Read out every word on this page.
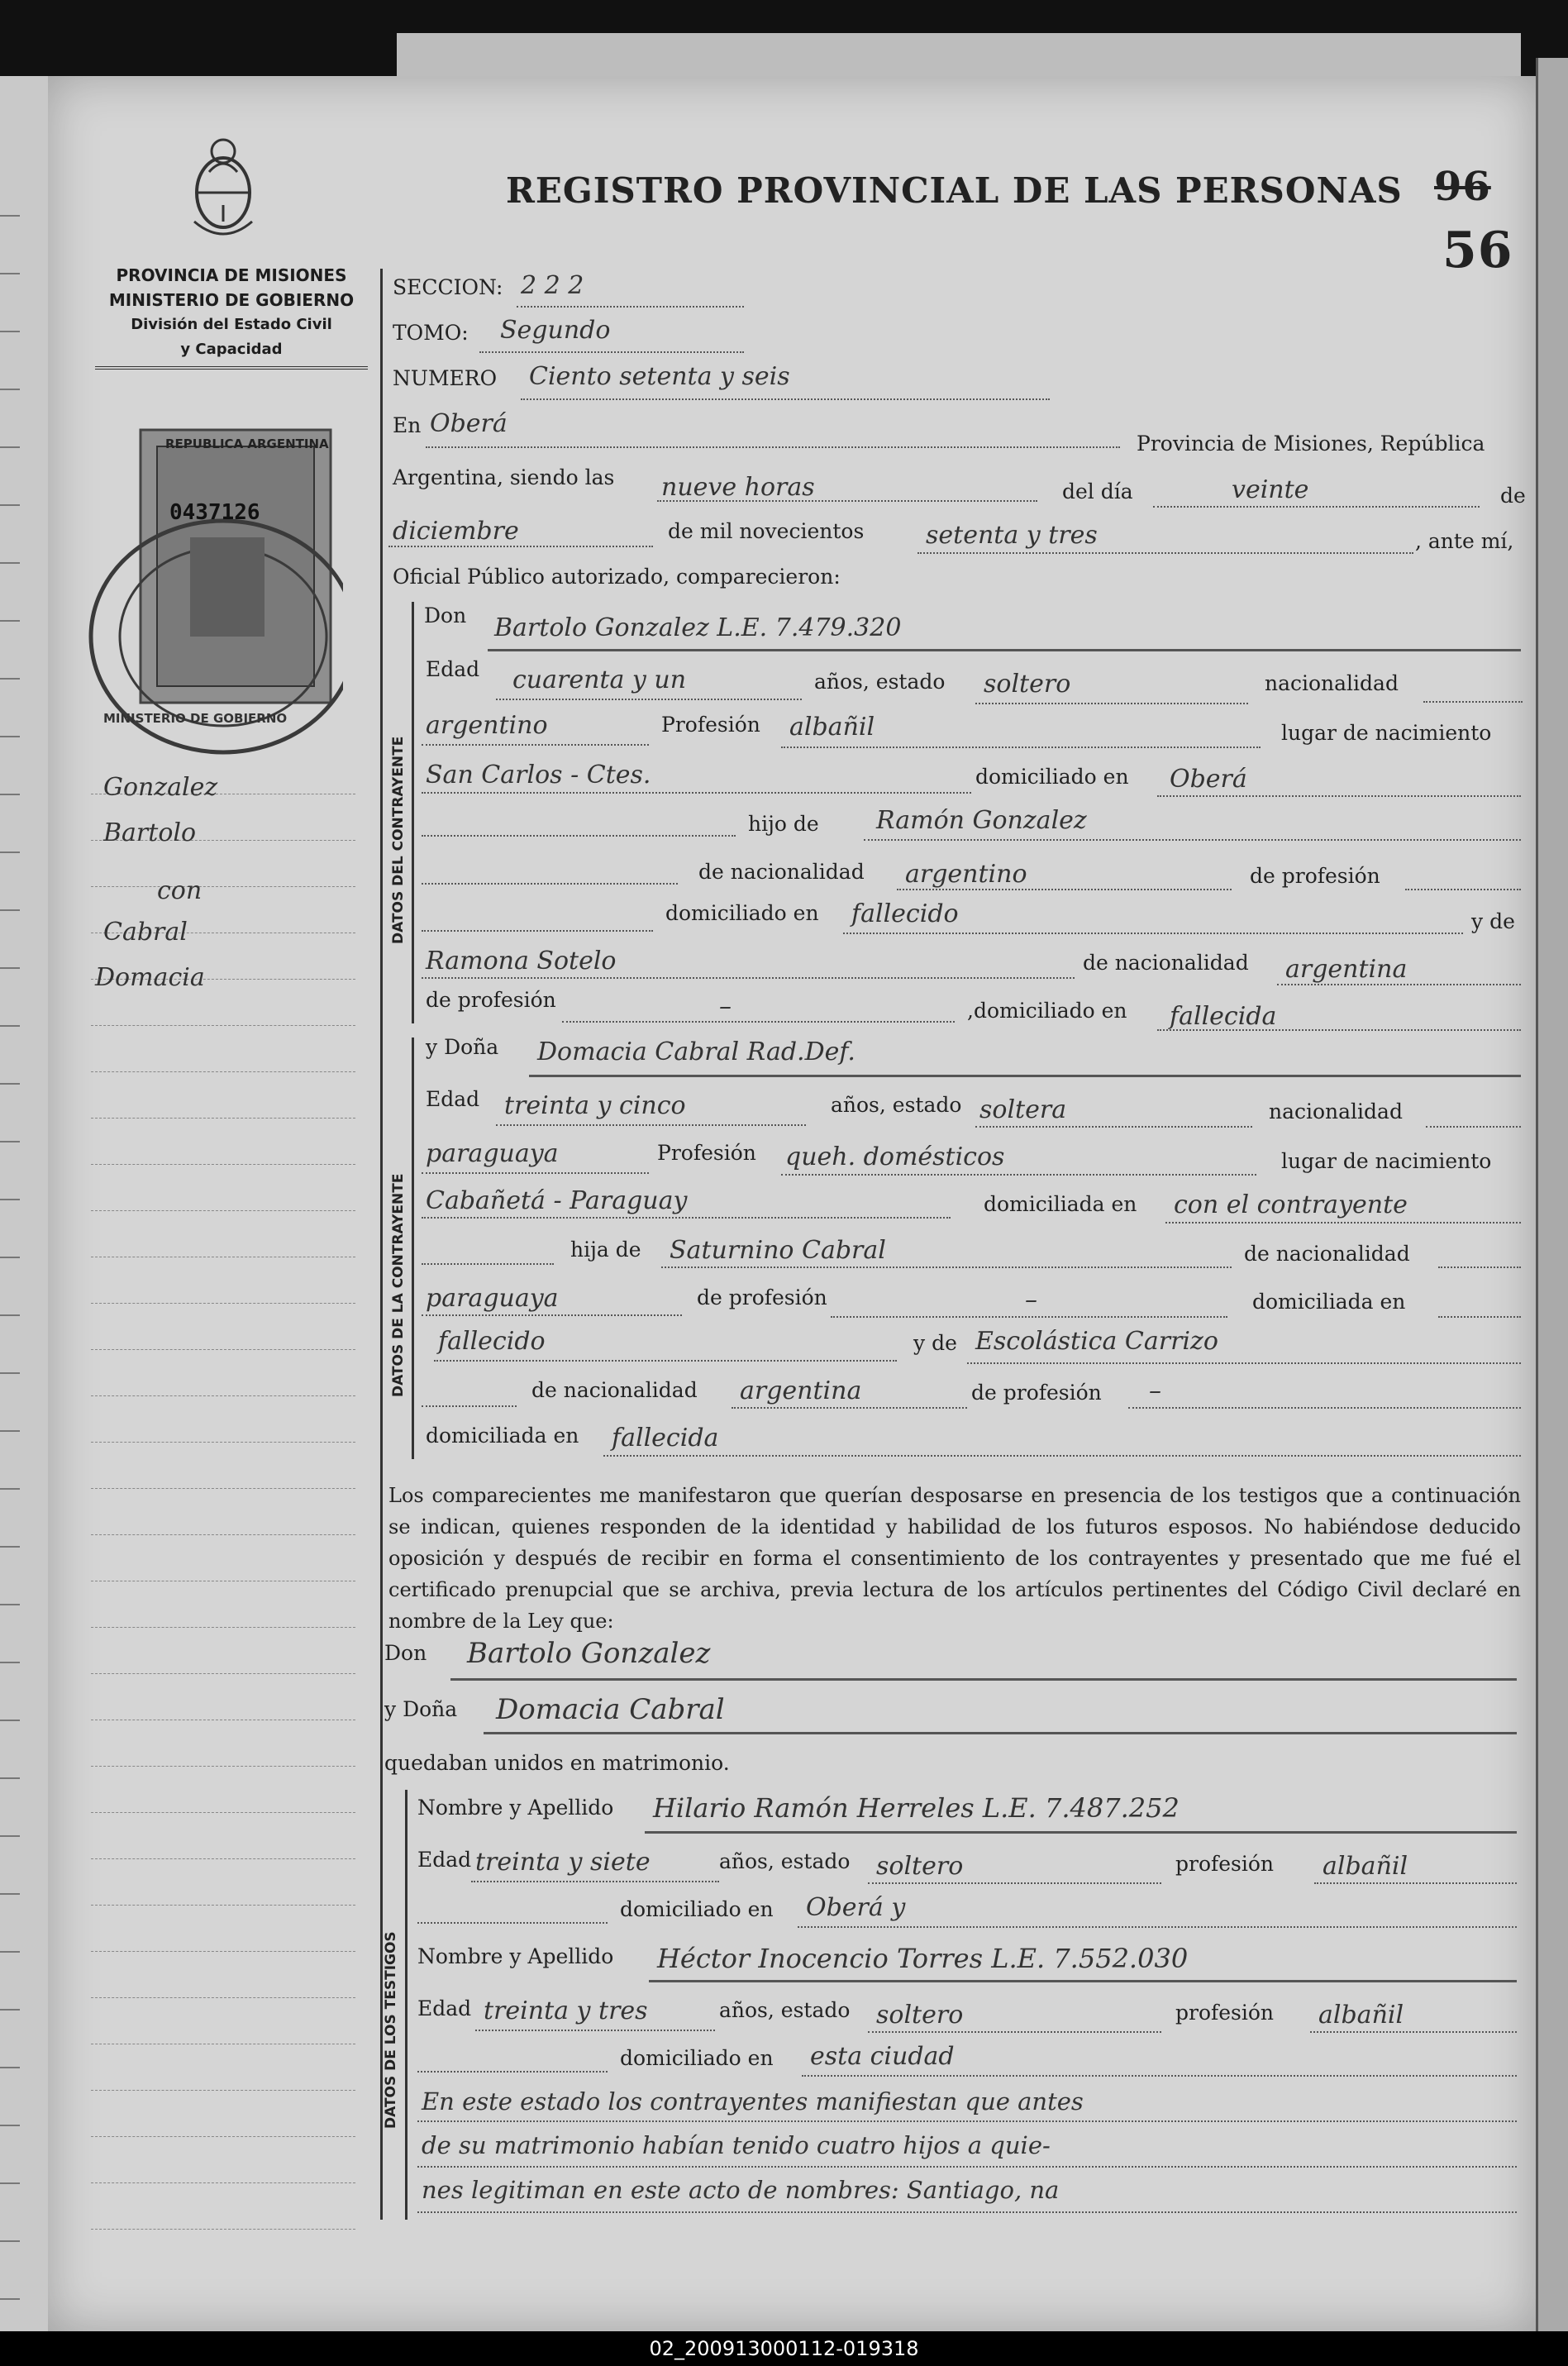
PROVINCIA DE MISIONES
MINISTERIO DE GOBIERNO
División del Estado Civil
y Capacidad
REGISTRO PROVINCIAL DE LAS PERSONAS 96
56
REPUBLICA ARGENTINA
0437126
MINISTERIO DE GOBIERNO
Gonzalez
Bartolo
con
Cabral
Domacia
SECCION: 2 2 2
TOMO: Segundo
NUMERO Ciento setenta y seis
En Oberá
Provincia de Misiones, República
Argentina, siendo las nueve horas	del día	veinte	de
diciembre	de mil novecientos setenta y tres	, ante mí,
Oficial Público autorizado, comparecieron:
DATOS DEL CONTRAYENTE
Don Bartolo Gonzalez L.E. 7.479.320
Edad cuarenta y un	años, estado soltero	nacionalidad
argentino	Profesión albañil	lugar de nacimiento
San Carlos - Ctes.	domiciliado en Oberá
hijo de Ramón Gonzalez
de nacionalidad argentino	de profesión
domiciliado en fallecido	y de
Ramona Sotelo	de nacionalidad argentina
de profesión	–	,domiciliado en fallecida
DATOS DE LA CONTRAYENTE
y Doña Domacia Cabral Rad.Def.
Edad treinta y cinco	años, estado soltera	nacionalidad
paraguaya	Profesión queh. domésticos	lugar de nacimiento
Cabañetá - Paraguay	domiciliada en con el contrayente
hija de Saturnino Cabral	de nacionalidad
paraguaya	de profesión	–	domiciliada en
fallecido	y de Escolástica Carrizo
de nacionalidad argentina	de profesión –
domiciliada en fallecida
Los comparecientes me manifestaron que querían desposarse en presencia de los testigos que a continuación se indican, quienes responden de la identidad y habilidad de los futuros esposos. No habiéndose deducido oposición y después de recibir en forma el consentimiento de los contrayentes y presentado que me fué el certificado prenupcial que se archiva, previa lectura de los artículos pertinentes del Código Civil declaré en nombre de la Ley que:
Don Bartolo Gonzalez
y Doña Domacia Cabral
quedaban unidos en matrimonio.
DATOS DE LOS TESTIGOS
Nombre y Apellido Hilario Ramón Herreles L.E. 7.487.252
Edad treinta y siete	años, estado soltero	profesión albañil
domiciliado en Oberá y
Nombre y Apellido Héctor Inocencio Torres L.E. 7.552.030
Edad treinta y tres	años, estado soltero	profesión albañil
domiciliado en esta ciudad
En este estado los contrayentes manifiestan que antes
de su matrimonio habían tenido cuatro hijos a quie-
nes legitiman en este acto de nombres: Santiago, na
02_200913000112-019318
